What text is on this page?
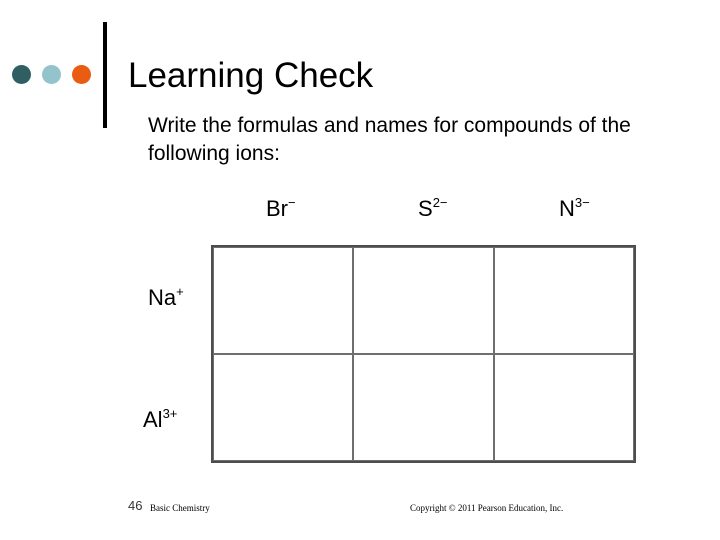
Learning Check
Write the formulas and names for compounds of the following ions:
Br−	$S^{2-}$	$N^{3-}$
Na+
$Al^{3+}$
46 Basic Chemistry	Copyright © 2011 Pearson Education, Inc.
